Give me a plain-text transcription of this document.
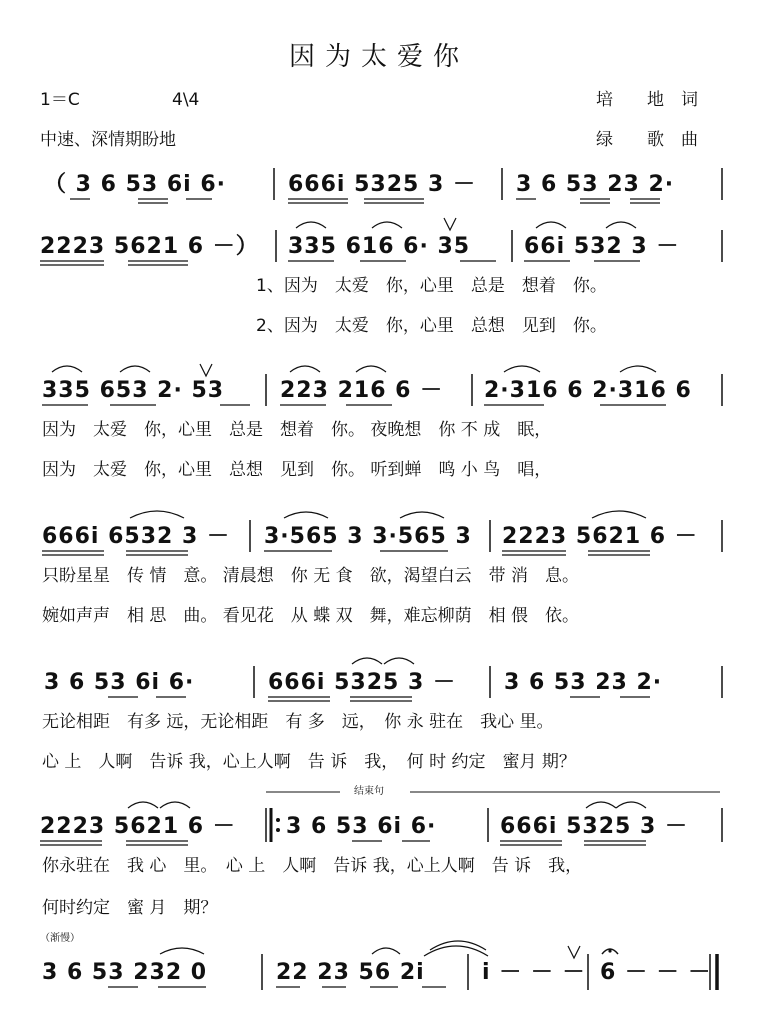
因为太爱你
1＝C	4\4
中速、深情期盼地
培　　地　词
绿　　歌　曲
（ 3 6 53 6i 6·	666i 5325 3 － 3 6 53 23 2·
2223 5621 6 －） 335 616 6· 35 66i 532 3 －
1、因为　太爱　你，心里　总是　想着　你。
2、因为　太爱　你，心里　总想　见到　你。
335 653 2· 53	223 216 6 － 2·316 6 2·316 6
因为　太爱　你，心里　总是　想着　你。 夜晚想　你 不 成　眠，
因为　太爱　你，心里　总想　见到　你。 听到蝉　鸣 小 鸟　唱，
666i 6532 3 － 3·565 3 3·565 3 2223 5621 6 －
只盼星星　传 情　意。 清晨想　你 无 食　欲，渴望白云　带 消　息。
婉如声声　相 思　曲。 看见花　从 蝶 双　舞，难忘柳荫　相 偎　依。
3 6 53 6i 6·	666i 5325 3 － 3 6 53 23 2·
无论相距　有多 远，无论相距　有 多　远，　你 永 驻在　我心 里。
心 上　人啊　告诉 我，心上人啊　告 诉　我，　何 时 约定　蜜月 期？
结束句
2223 5621 6 － 3 6 53 6i 6·	666i 5325 3 －
你永驻在　我 心　里。　心 上　人啊　告诉 我，心上人啊　告 诉　我，
何时约定　蜜 月　期？
（渐慢）
3 6 53 232 0	22 23 56 2i	i － － － 6 － － －
